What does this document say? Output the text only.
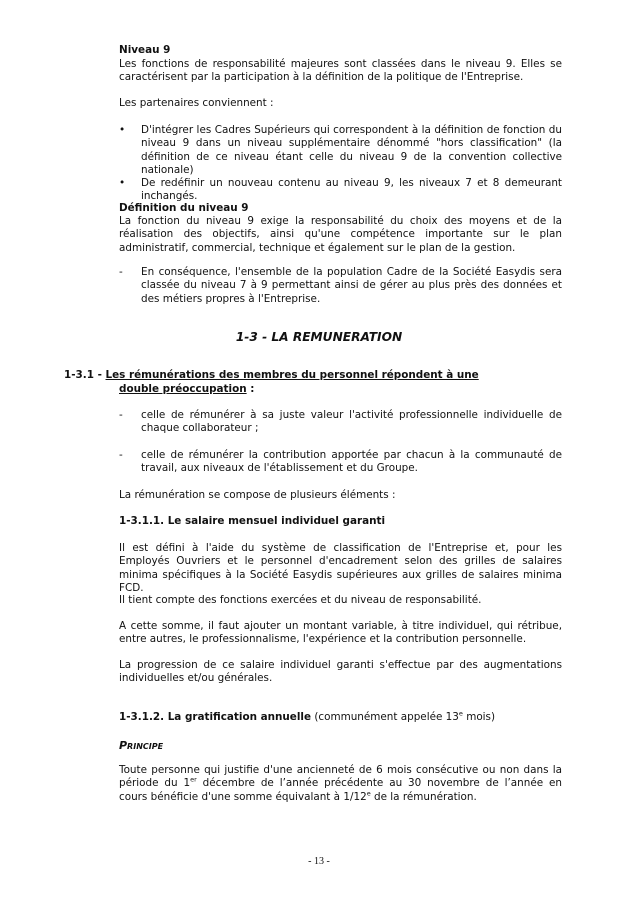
Niveau 9

Les fonctions de responsabilité majeures sont classées dans le niveau 9. Elles se caractérisent par la participation à la définition de la politique de l'Entreprise.

Les partenaires conviennent :

• D'intégrer les Cadres Supérieurs qui correspondent à la définition de fonction du niveau 9 dans un niveau supplémentaire dénommé "hors classification" (la définition de ce niveau étant celle du niveau 9 de la convention collective nationale)

• De redéfinir un nouveau contenu au niveau 9, les niveaux 7 et 8 demeurant inchangés.

Définition du niveau 9

La fonction du niveau 9 exige la responsabilité du choix des moyens et de la réalisation des objectifs, ainsi qu'une compétence importante sur le plan administratif, commercial, technique et également sur le plan de la gestion.

- En conséquence, l'ensemble de la population Cadre de la Société Easydis sera classée du niveau 7 à 9 permettant ainsi de gérer au plus près des données et des métiers propres à l'Entreprise.

1-3 - LA REMUNERATION
1-3.1 - Les rémunérations des membres du personnel répondent à une
double préoccupation :
- celle de rémunérer à sa juste valeur l'activité professionnelle individuelle de chaque collaborateur ;

- celle de rémunérer la contribution apportée par chacun à la communauté de travail, aux niveaux de l'établissement et du Groupe.

La rémunération se compose de plusieurs éléments :

1-3.1.1. Le salaire mensuel individuel garanti

Il est défini à l'aide du système de classification de l'Entreprise et, pour les Employés Ouvriers et le personnel d'encadrement selon des grilles de salaires minima spécifiques à la Société Easydis supérieures aux grilles de salaires minima FCD.

Il tient compte des fonctions exercées et du niveau de responsabilité.

A cette somme, il faut ajouter un montant variable, à titre individuel, qui rétribue, entre autres, le professionnalisme, l'expérience et la contribution personnelle.

La progression de ce salaire individuel garanti s'effectue par des augmentations individuelles et/ou générales.

1-3.1.2. La gratification annuelle (communément appelée 13e mois)

Principe

Toute personne qui justifie d'une ancienneté de 6 mois consécutive ou non dans la période du 1er décembre de l’année précédente au 30 novembre de l’année en cours bénéficie d'une somme équivalant à 1/12e de la rémunération.

- 13 -
